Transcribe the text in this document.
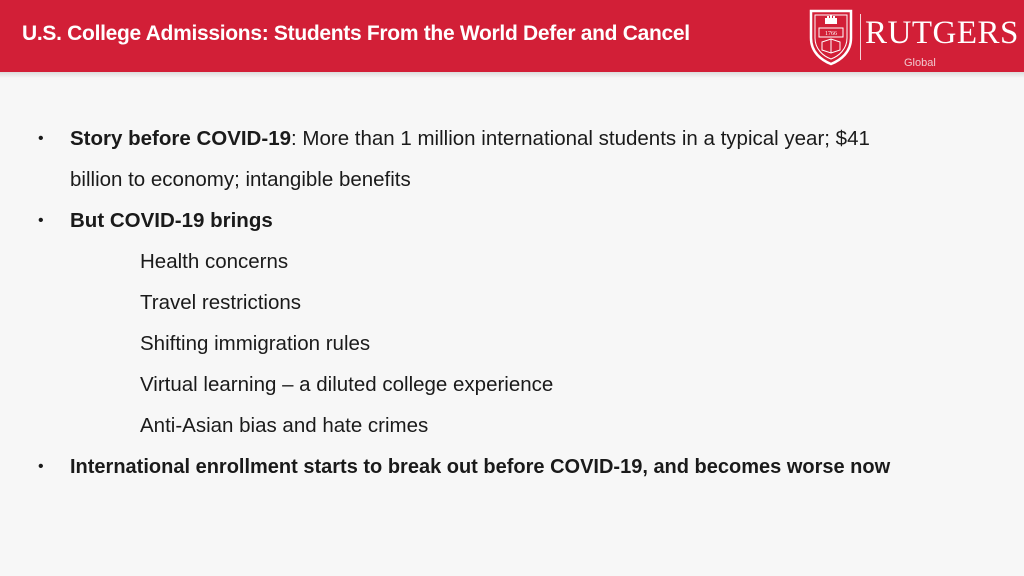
U.S. College Admissions: Students From the World Defer and Cancel	1766 RUTGERS
Global
• Story before COVID-19: More than 1 million international students in a typical year; $41
billion to economy; intangible benefits
• But COVID-19 brings
Health concerns
Travel restrictions
Shifting immigration rules
Virtual learning – a diluted college experience
Anti-Asian bias and hate crimes
• International enrollment starts to break out before COVID-19, and becomes worse now
